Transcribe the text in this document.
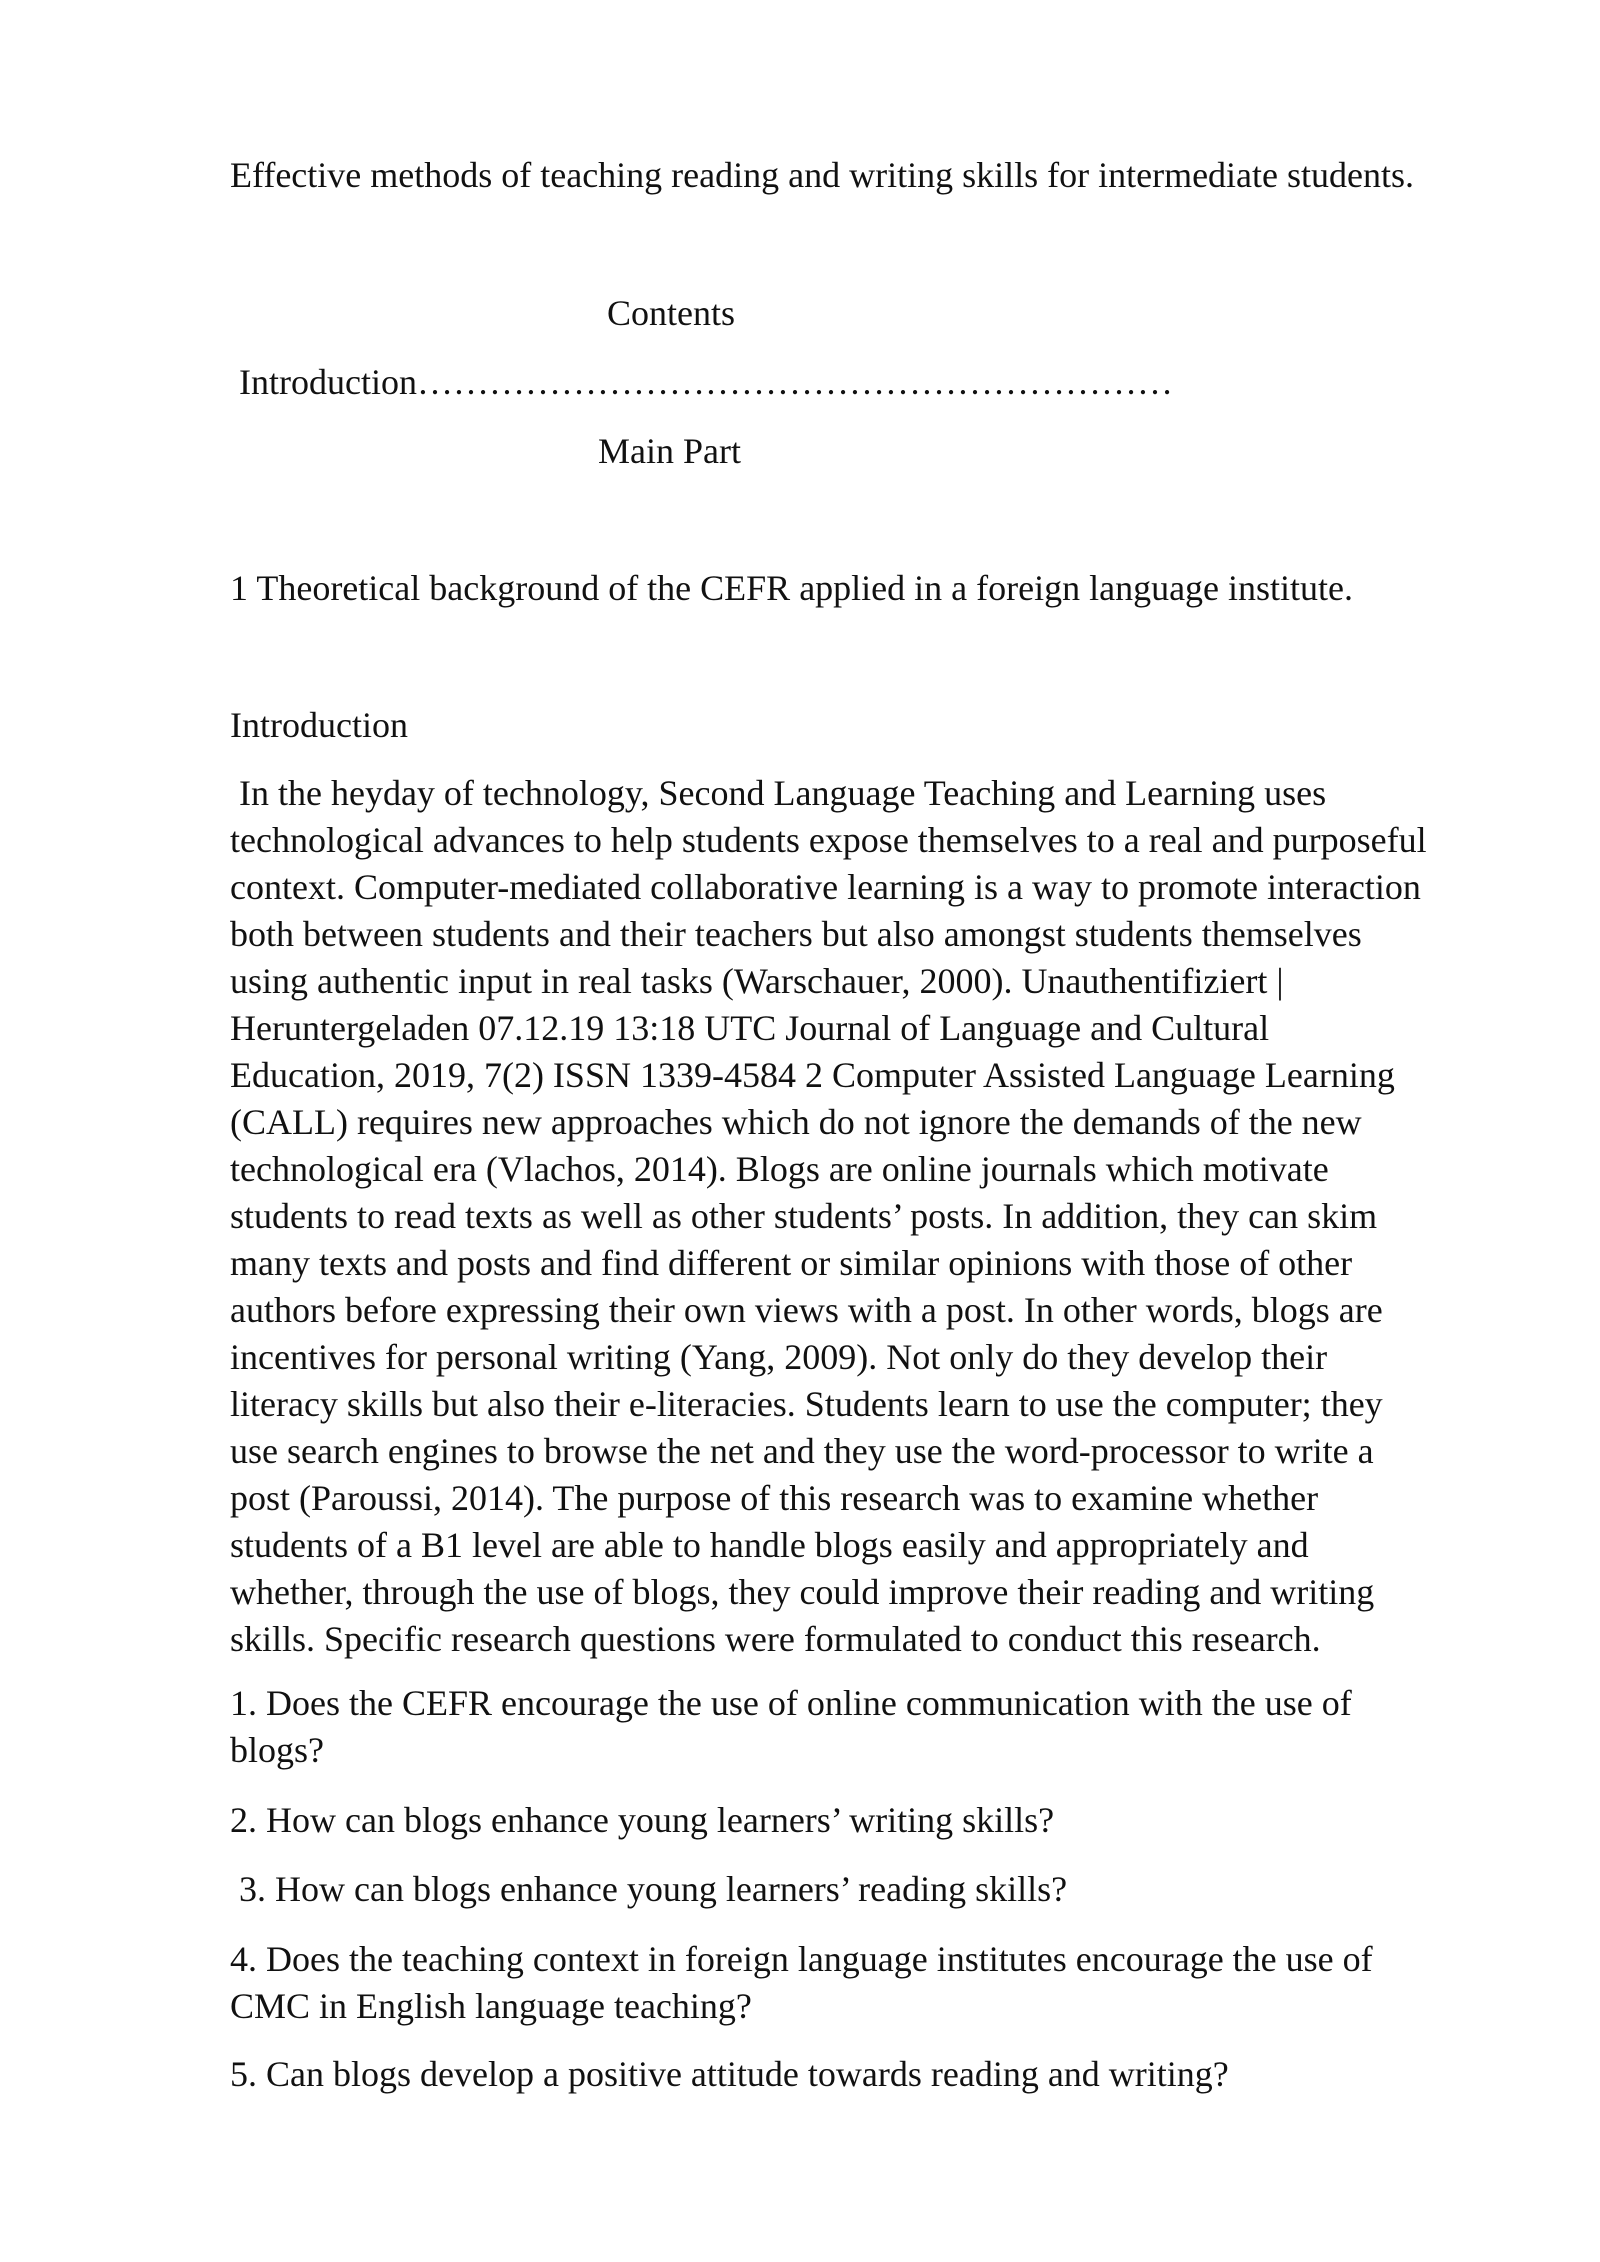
Effective methods of teaching reading and writing skills for intermediate students.
Contents
Introduction………………………………………………………
Main Part
1 Theoretical background of the CEFR applied in a foreign language institute.
Introduction
In the heyday of technology, Second Language Teaching and Learning uses
technological advances to help students expose themselves to a real and purposeful
context. Computer-mediated collaborative learning is a way to promote interaction
both between students and their teachers but also amongst students themselves
using authentic input in real tasks (Warschauer, 2000). Unauthentifiziert |
Heruntergeladen 07.12.19 13:18 UTC Journal of Language and Cultural
Education, 2019, 7(2) ISSN 1339-4584 2 Computer Assisted Language Learning
(CALL) requires new approaches which do not ignore the demands of the new
technological era (Vlachos, 2014). Blogs are online journals which motivate
students to read texts as well as other students’ posts. In addition, they can skim
many texts and posts and find different or similar opinions with those of other
authors before expressing their own views with a post. In other words, blogs are
incentives for personal writing (Yang, 2009). Not only do they develop their
literacy skills but also their e-literacies. Students learn to use the computer; they
use search engines to browse the net and they use the word-processor to write a
post (Paroussi, 2014). The purpose of this research was to examine whether
students of a B1 level are able to handle blogs easily and appropriately and
whether, through the use of blogs, they could improve their reading and writing
skills. Specific research questions were formulated to conduct this research.
1. Does the CEFR encourage the use of online communication with the use of
blogs?
2. How can blogs enhance young learners’ writing skills?
3. How can blogs enhance young learners’ reading skills?
4. Does the teaching context in foreign language institutes encourage the use of
CMC in English language teaching?
5. Can blogs develop a positive attitude towards reading and writing?
